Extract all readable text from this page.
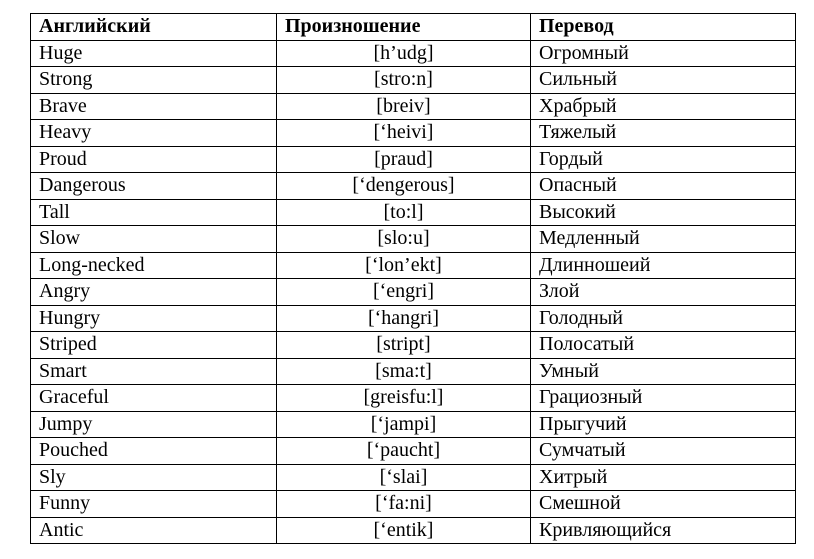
Английский	Произношение	Перевод
Huge	[h’udg]	Огромный
Strong	[stro:n]	Сильный
Brave	[breiv]	Храбрый
Heavy	[‘heivi]	Тяжелый
Proud	[praud]	Гордый
Dangerous	[‘dengerous]	Опасный
Tall	[to:l]	Высокий
Slow	[slo:u]	Медленный
Long-necked	[‘lon’ekt]	Длинношеий
Angry	[‘engri]	Злой
Hungry	[‘hangri]	Голодный
Striped	[stript]	Полосатый
Smart	[sma:t]	Умный
Graceful	[greisfu:l]	Грациозный
Jumpy	[‘jampi]	Прыгучий
Pouched	[‘paucht]	Сумчатый
Sly	[‘slai]	Хитрый
Funny	[‘fa:ni]	Смешной
Antic	[‘entik]	Кривляющийся
